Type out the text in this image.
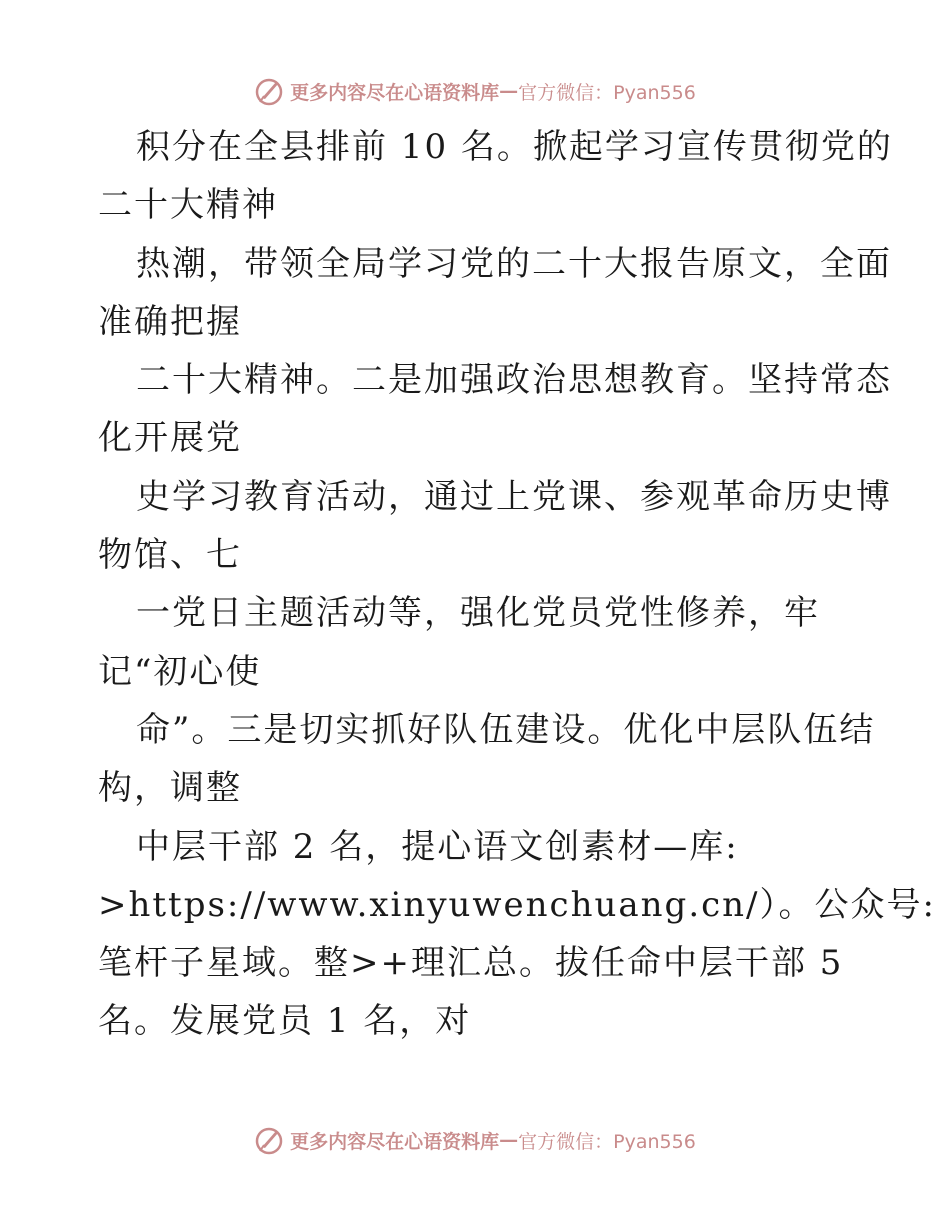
更多内容尽在心语资料库 — 官方微信：Pyan556
积分在全县排前 10 名。掀起学习宣传贯彻党的
二十大精神
热潮，带领全局学习党的二十大报告原文，全面
准确把握
二十大精神。二是加强政治思想教育。坚持常态
化开展党
史学习教育活动，通过上党课、参观革命历史博
物馆、七
一党日主题活动等，强化党员党性修养，牢
记“初心使
命”。三是切实抓好队伍建设。优化中层队伍结
构，调整
中层干部 2 名，提心语文创素材—库:
>https://www.xinyuwenchuang.cn/）。公众号:
笔杆子星域。整>+理汇总。拔任命中层干部 5
名。发展党员 1 名，对
更多内容尽在心语资料库 — 官方微信：Pyan556
